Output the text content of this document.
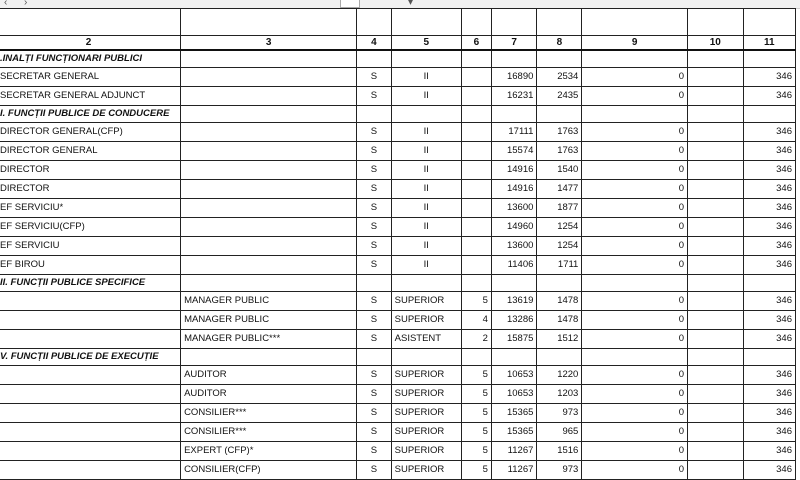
‹ ›	▾

2	3	4	5	6	7	8	9	10	11
.INALȚI FUNCȚIONARI PUBLICI									
SECRETAR GENERAL		S	II		16890	2534	0		346
SECRETAR GENERAL ADJUNCT		S	II		16231	2435	0		346
I. FUNCȚII PUBLICE DE CONDUCERE									
DIRECTOR GENERAL(CFP)		S	II		17111	1763	0		346
DIRECTOR GENERAL		S	II		15574	1763	0		346
DIRECTOR		S	II		14916	1540	0		346
DIRECTOR		S	II		14916	1477	0		346
EF SERVICIU*		S	II		13600	1877	0		346
EF SERVICIU(CFP)		S	II		14960	1254	0		346
EF SERVICIU		S	II		13600	1254	0		346
EF BIROU		S	II		11406	1711	0		346
II. FUNCȚII PUBLICE SPECIFICE									
	MANAGER PUBLIC	S	SUPERIOR	5	13619	1478	0		346
	MANAGER PUBLIC	S	SUPERIOR	4	13286	1478	0		346
	MANAGER PUBLIC***	S	ASISTENT	2	15875	1512	0		346
V. FUNCȚII PUBLICE DE EXECUȚIE									
	AUDITOR	S	SUPERIOR	5	10653	1220	0		346
	AUDITOR	S	SUPERIOR	5	10653	1203	0		346
	CONSILIER***	S	SUPERIOR	5	15365	973	0		346
	CONSILIER***	S	SUPERIOR	5	15365	965	0		346
	EXPERT (CFP)*	S	SUPERIOR	5	11267	1516	0		346
	CONSILIER(CFP)	S	SUPERIOR	5	11267	973	0		346
